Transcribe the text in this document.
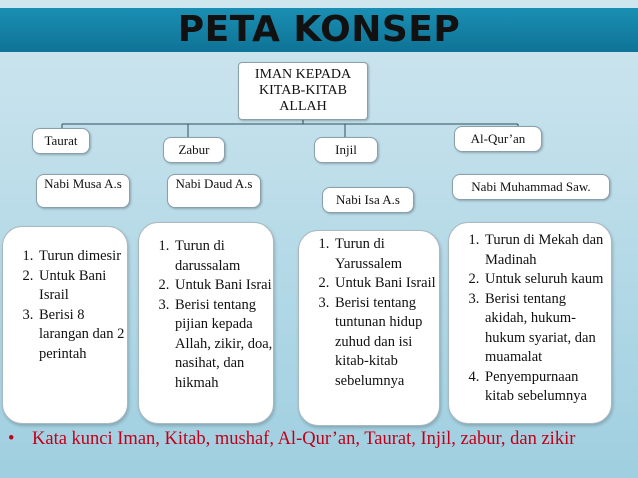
PETA KONSEP
IMAN KEPADA KITAB-KITAB ALLAH
Taurat
Zabur	Injil
Al-Qur’an
Nabi Musa A.s	Nabi Daud A.s
Nabi Isa A.s
Nabi Muhammad Saw.
1. Turun dimesir
2. Untuk Bani Israil
3. Berisi 8 larangan dan 2 perintah
1. Turun di darussalam
2. Untuk Bani Israi
3. Berisi tentang pijian kepada Allah, zikir, doa, nasihat, dan hikmah
1. Turun di Yarussalem
2. Untuk Bani Israil
3. Berisi tentang tuntunan hidup zuhud dan isi kitab-kitab sebelumnya
1. Turun di Mekah dan Madinah
2. Untuk seluruh kaum
3. Berisi tentang akidah, hukum-hukum syariat, dan muamalat
4. Penyempurnaan kitab sebelumnya
• Kata kunci Iman, Kitab, mushaf, Al-Qur’an, Taurat, Injil, zabur, dan zikir
